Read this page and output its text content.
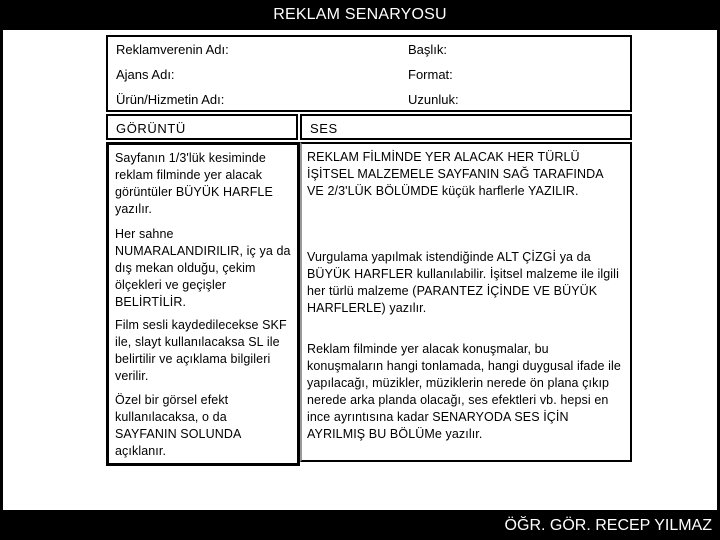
REKLAM SENARYOSU
Reklamverenin Adı:	Başlık:
Ajans Adı:	Format:
Ürün/Hizmetin Adı:	Uzunluk:
GÖRÜNTÜ	SES
Sayfanın 1/3'lük kesiminde reklam filminde yer alacak görüntüler BÜYÜK HARFLE yazılır.
Her sahne NUMARALANDIRILIR, iç ya da dış mekan olduğu, çekim ölçekleri ve geçişler BELİRTİLİR.
Film sesli kaydedilecekse SKF ile, slayt kullanılacaksa SL ile belirtilir ve açıklama bilgileri verilir.
Özel bir görsel efekt kullanılacaksa, o da SAYFANIN SOLUNDA açıklanır.
REKLAM FİLMİNDE YER ALACAK HER TÜRLÜ İŞİTSEL MALZEMELE SAYFANIN SAĞ TARAFINDA VE 2/3'LÜK BÖLÜMDE küçük harflerle YAZILIR.
Vurgulama yapılmak istendiğinde ALT ÇİZGİ ya da BÜYÜK HARFLER kullanılabilir. İşitsel malzeme ile ilgili her türlü malzeme (PARANTEZ İÇİNDE VE BÜYÜK HARFLERLE) yazılır.
Reklam filminde yer alacak konuşmalar, bu konuşmaların hangi tonlamada, hangi duygusal ifade ile yapılacağı, müzikler, müziklerin nerede ön plana çıkıp nerede arka planda olacağı, ses efektleri vb. hepsi en ince ayrıntısına kadar SENARYODA SES İÇİN AYRILMIŞ BU BÖLÜMe yazılır.
ÖĞR. GÖR. RECEP YILMAZ
